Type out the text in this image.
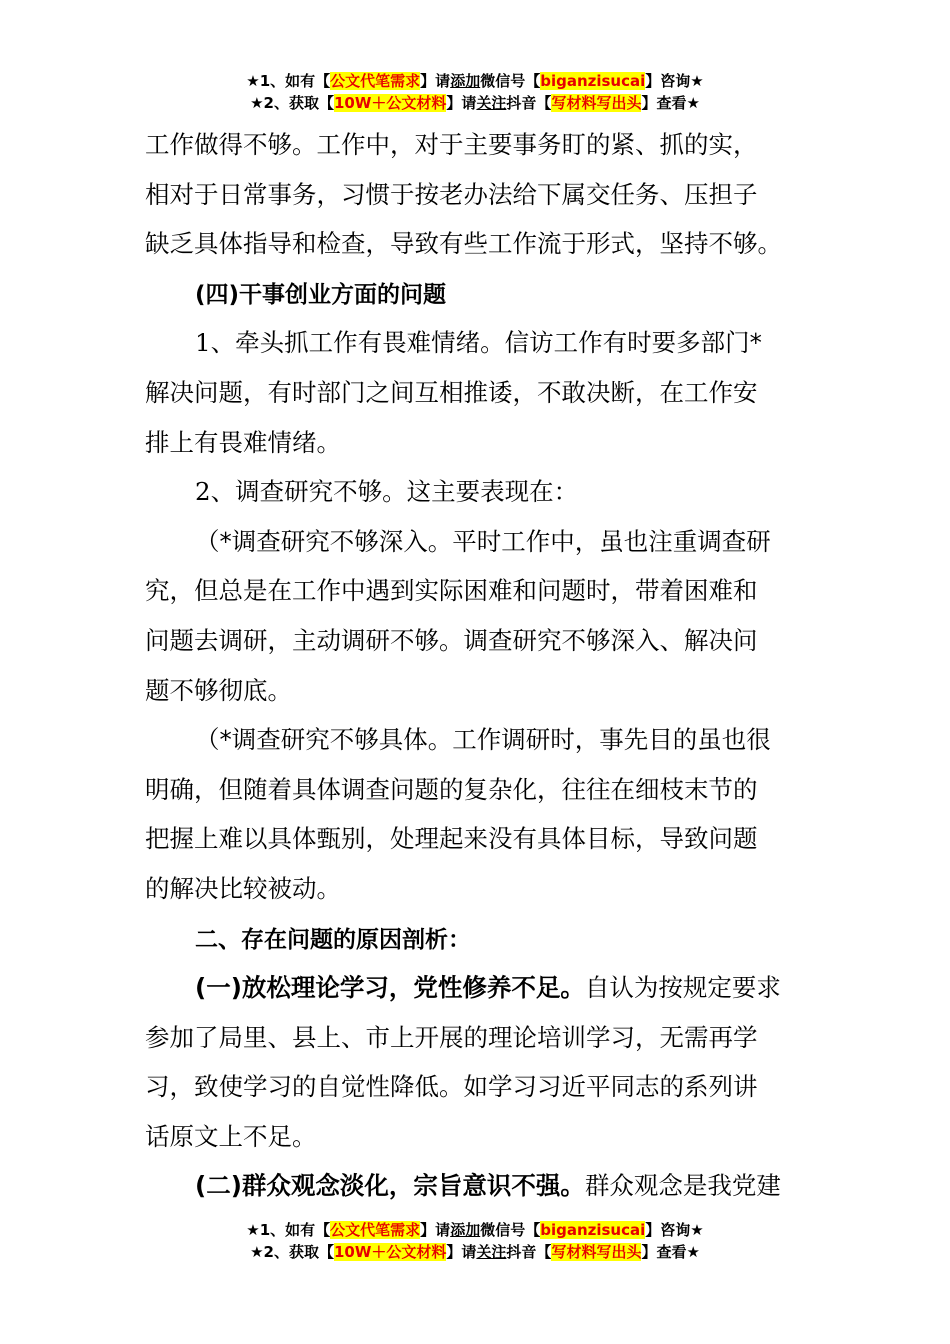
★1、如有【公文代笔需求】请添加微信号【biganzisucai】咨询★
★2、获取【10W＋公文材料】请关注抖音【写材料写出头】查看★
工作做得不够。工作中，对于主要事务盯的紧、抓的实，
相对于日常事务，习惯于按老办法给下属交任务、压担子
缺乏具体指导和检查，导致有些工作流于形式，坚持不够。
(四)干事创业方面的问题
1、牵头抓工作有畏难情绪。信访工作有时要多部门*
解决问题，有时部门之间互相推诿，不敢决断，在工作安
排上有畏难情绪。
2、调查研究不够。这主要表现在：
（*调查研究不够深入。平时工作中，虽也注重调查研
究，但总是在工作中遇到实际困难和问题时，带着困难和
问题去调研，主动调研不够。调查研究不够深入、解决问
题不够彻底。
（*调查研究不够具体。工作调研时，事先目的虽也很
明确，但随着具体调查问题的复杂化，往往在细枝末节的
把握上难以具体甄别，处理起来没有具体目标，导致问题
的解决比较被动。
二、存在问题的原因剖析：
(一)放松理论学习，党性修养不足。自认为按规定要求
参加了局里、县上、市上开展的理论培训学习，无需再学
习，致使学习的自觉性降低。如学习习近平同志的系列讲
话原文上不足。
(二)群众观念淡化，宗旨意识不强。群众观念是我党建
★1、如有【公文代笔需求】请添加微信号【biganzisucai】咨询★
★2、获取【10W＋公文材料】请关注抖音【写材料写出头】查看★
